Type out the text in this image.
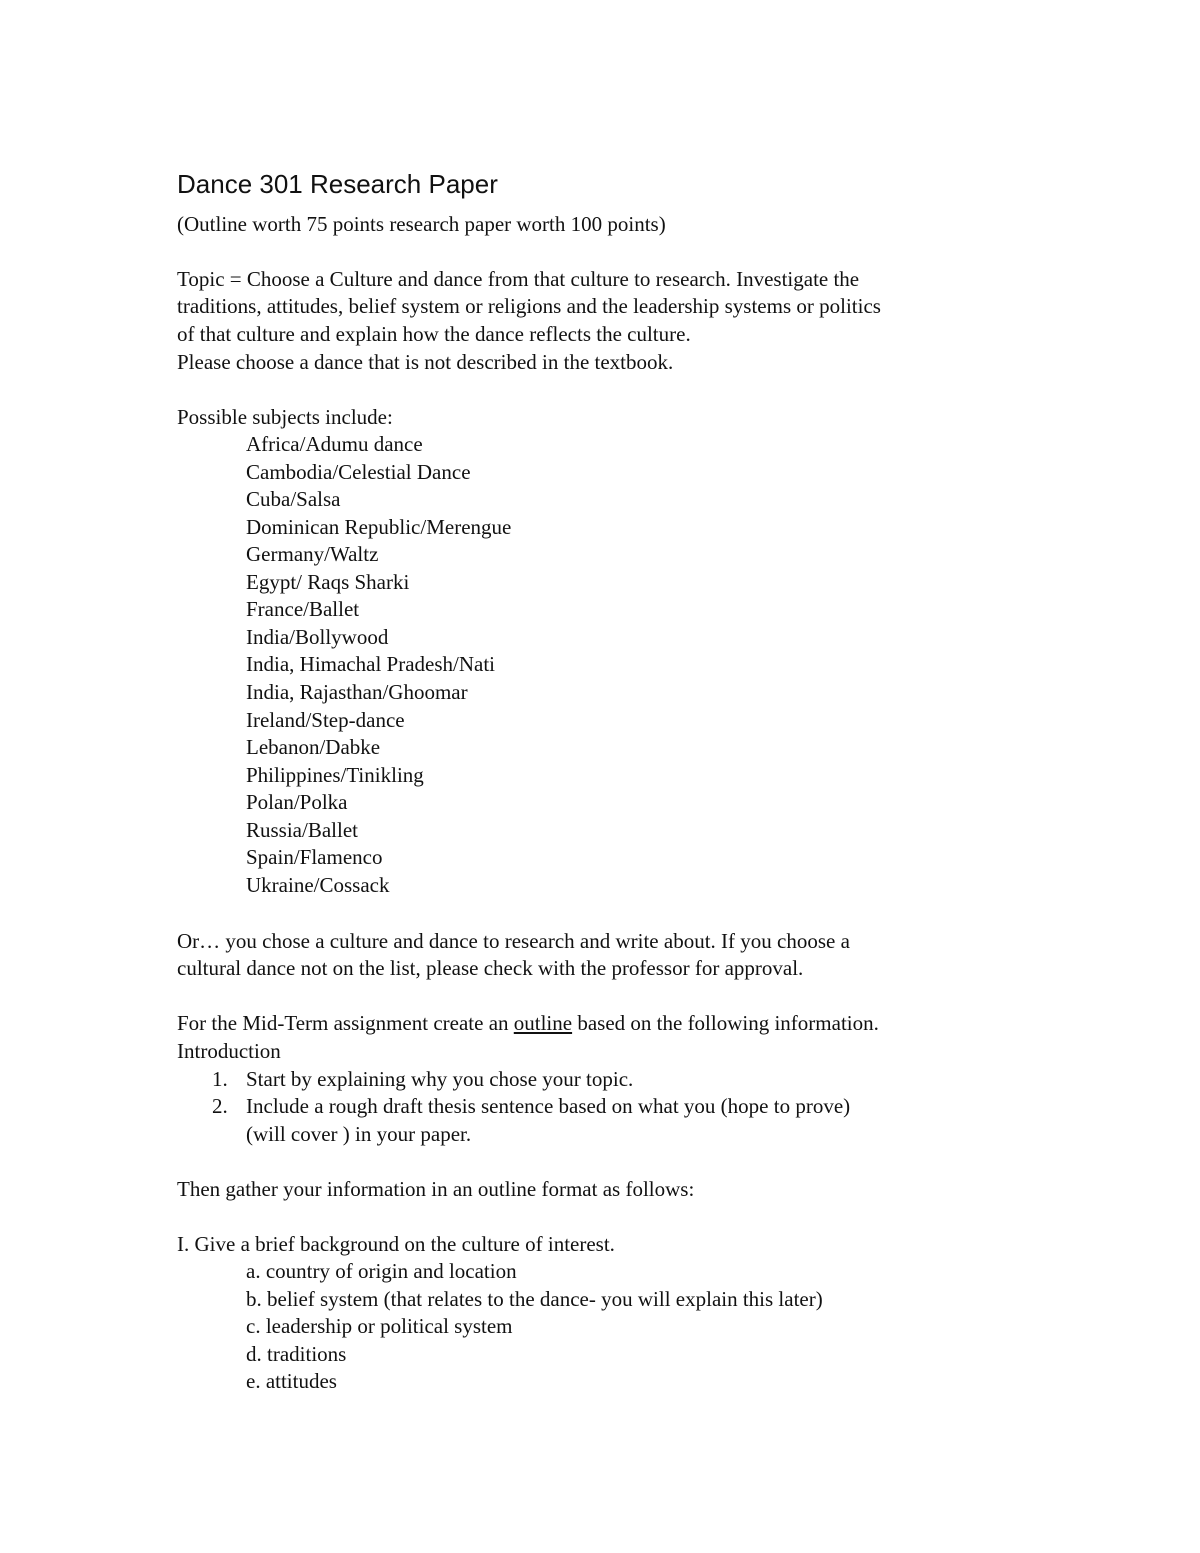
Dance 301 Research Paper
(Outline worth 75 points research paper worth 100 points)
Topic = Choose a Culture and dance from that culture to research. Investigate the
traditions, attitudes, belief system or religions and the leadership systems or politics
of that culture and explain how the dance reflects the culture.
Please choose a dance that is not described in the textbook.
Possible subjects include:
Africa/Adumu dance
Cambodia/Celestial Dance
Cuba/Salsa
Dominican Republic/Merengue
Germany/Waltz
Egypt/ Raqs Sharki
France/Ballet
India/Bollywood
India, Himachal Pradesh/Nati
India, Rajasthan/Ghoomar
Ireland/Step-dance
Lebanon/Dabke
Philippines/Tinikling
Polan/Polka
Russia/Ballet
Spain/Flamenco
Ukraine/Cossack
Or… you chose a culture and dance to research and write about. If you choose a
cultural dance not on the list, please check with the professor for approval.
For the Mid-Term assignment create an outline based on the following information.
Introduction
1. Start by explaining why you chose your topic.
2. Include a rough draft thesis sentence based on what you (hope to prove)
(will cover ) in your paper.
Then gather your information in an outline format as follows:
I. Give a brief background on the culture of interest.
a. country of origin and location
b. belief system (that relates to the dance- you will explain this later)
c. leadership or political system
d. traditions
e. attitudes
